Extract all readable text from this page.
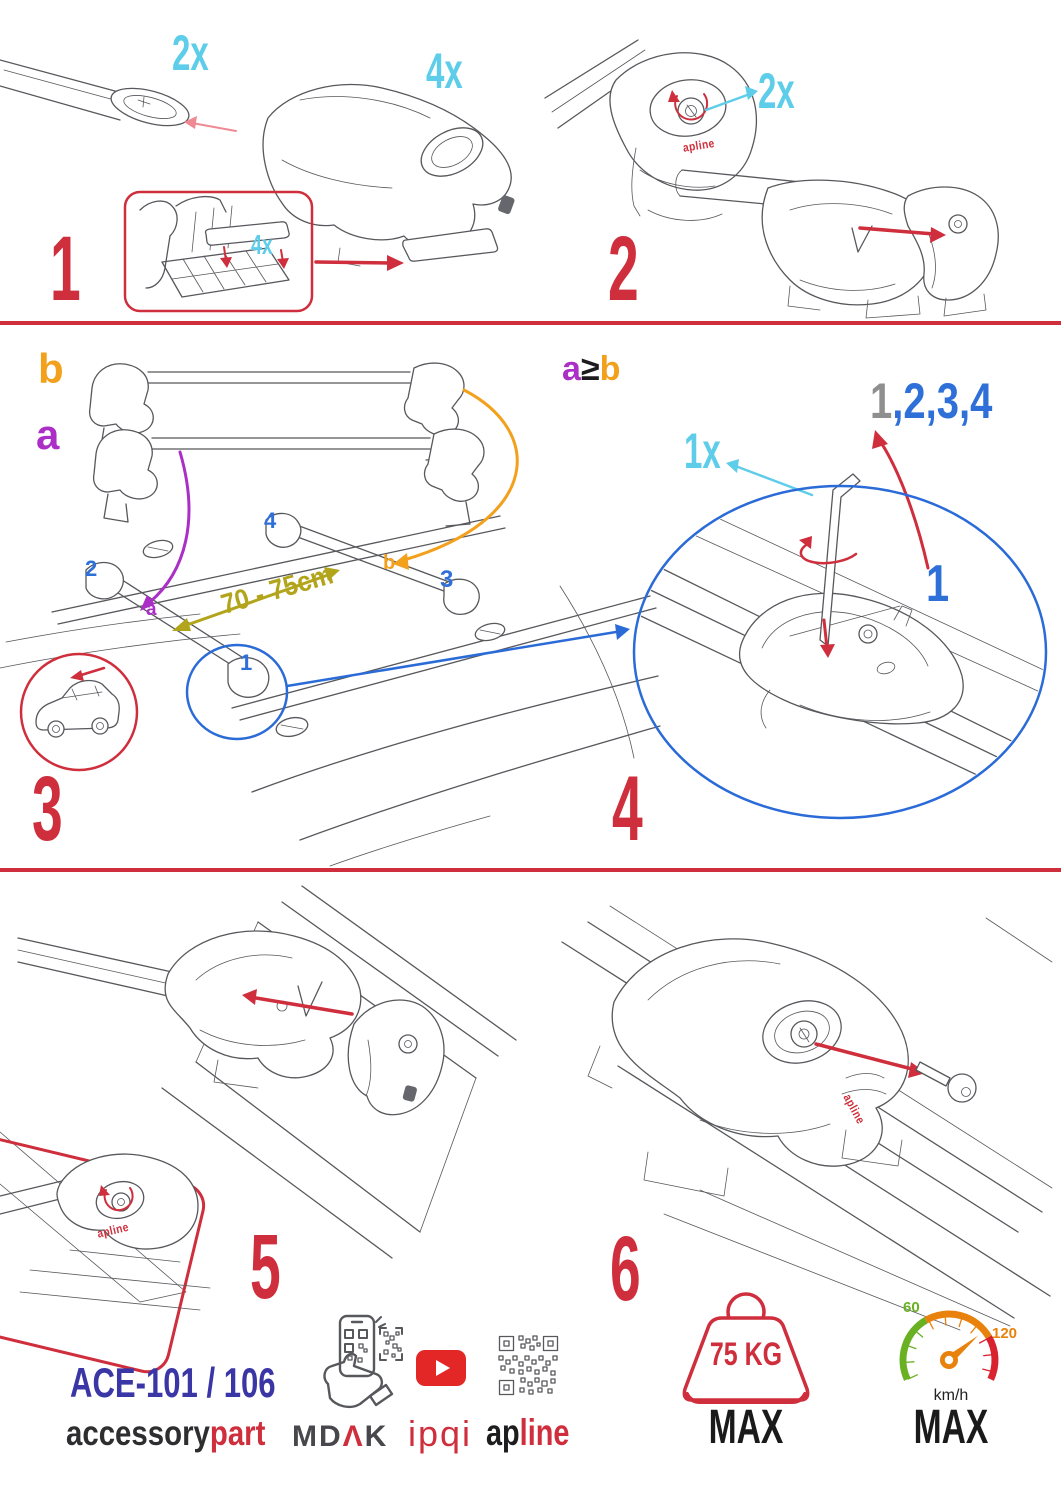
2x	4x
4x
1
2x
apline
2
b
a
2
4
b
3
a
1
70 - 75cm
3
a≥b
1,2,3,4
1x
1
4
apline 5
apline
6
ACE-101 / 106
accessorypart MDΛK ipqi apline
75 KG
MAX
60
120
km/h
MAX
